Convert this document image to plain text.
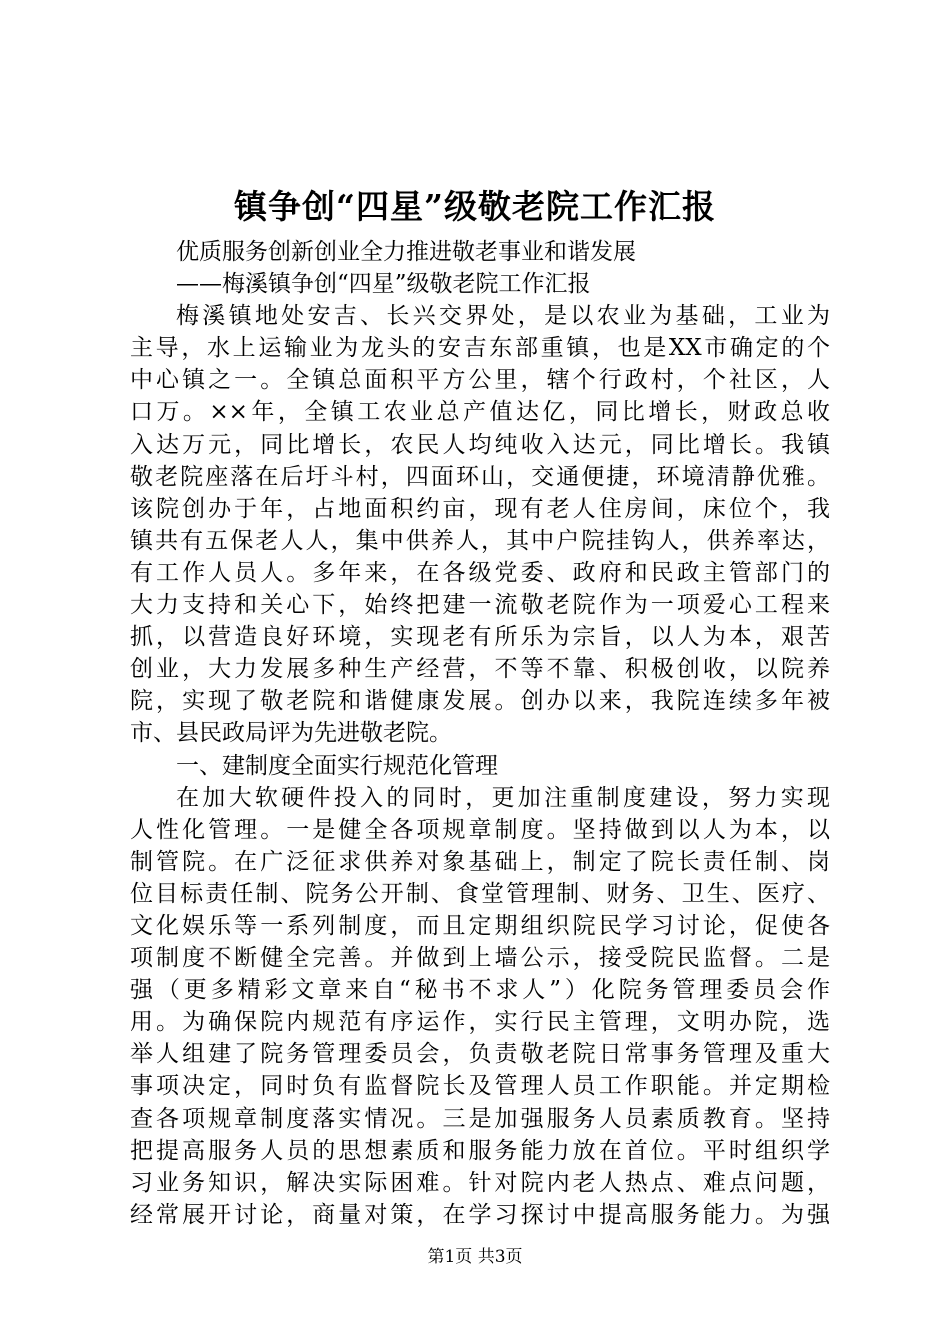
镇争创“四星”级敬老院工作汇报
优质服务创新创业全力推进敬老事业和谐发展
——梅溪镇争创“四星”级敬老院工作汇报
梅溪镇地处安吉、长兴交界处，是以农业为基础，工业为
主导，水上运输业为龙头的安吉东部重镇，也是XX市确定的个
中心镇之一。全镇总面积平方公里，辖个行政村，个社区，人
口万。××年，全镇工农业总产值达亿，同比增长，财政总收
入达万元，同比增长，农民人均纯收入达元，同比增长。我镇
敬老院座落在后圩斗村，四面环山，交通便捷，环境清静优雅。
该院创办于年，占地面积约亩，现有老人住房间，床位个，我
镇共有五保老人人，集中供养人，其中户院挂钩人，供养率达，
有工作人员人。多年来，在各级党委、政府和民政主管部门的
大力支持和关心下，始终把建一流敬老院作为一项爱心工程来
抓，以营造良好环境，实现老有所乐为宗旨，以人为本，艰苦
创业，大力发展多种生产经营，不等不靠、积极创收，以院养
院，实现了敬老院和谐健康发展。创办以来，我院连续多年被
市、县民政局评为先进敬老院。
一、建制度全面实行规范化管理
在加大软硬件投入的同时，更加注重制度建设，努力实现
人性化管理。一是健全各项规章制度。坚持做到以人为本，以
制管院。在广泛征求供养对象基础上，制定了院长责任制、岗
位目标责任制、院务公开制、食堂管理制、财务、卫生、医疗、
文化娱乐等一系列制度，而且定期组织院民学习讨论，促使各
项制度不断健全完善。并做到上墙公示，接受院民监督。二是
强（更多精彩文章来自“秘书不求人”）化院务管理委员会作
用。为确保院内规范有序运作，实行民主管理，文明办院，选
举人组建了院务管理委员会，负责敬老院日常事务管理及重大
事项决定，同时负有监督院长及管理人员工作职能。并定期检
查各项规章制度落实情况。三是加强服务人员素质教育。坚持
把提高服务人员的思想素质和服务能力放在首位。平时组织学
习业务知识，解决实际困难。针对院内老人热点、难点问题，
经常展开讨论，商量对策，在学习探讨中提高服务能力。为强
第1页 共3页
